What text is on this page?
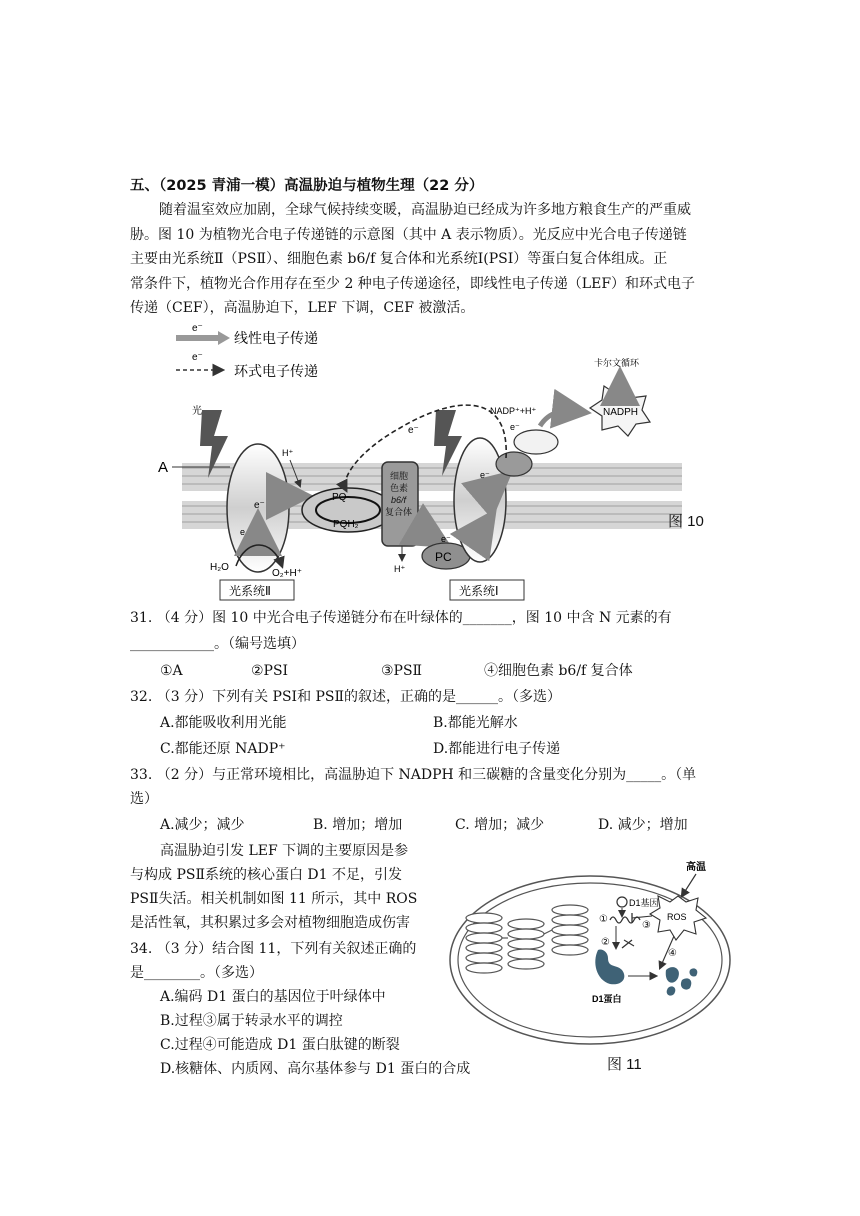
五、（2025 青浦一模）高温胁迫与植物生理（22 分）
随着温室效应加剧，全球气候持续变暖，高温胁迫已经成为许多地方粮食生产的严重威
胁。图 10 为植物光合电子传递链的示意图（其中 A 表示物质）。光反应中光合电子传递链
主要由光系统Ⅱ（PSⅡ）、细胞色素 b6/f 复合体和光系统Ⅰ(PSI）等蛋白复合体组成。正
常条件下，植物光合作用存在至少 2 种电子传递途径，即线性电子传递（LEF）和环式电子
传递（CEF），高温胁迫下，LEF 下调，CEF 被激活。
e⁻
线性电子传递
e⁻
环式电子传递
A
光
e⁻
e
H₂O
O₂+H⁺
H⁺
PQ
PQH₂
细胞
色素
b6/f
复合体
H⁺
PC
e⁻
e⁻
e⁻
NADP⁺+H⁺
e⁻
NADPH
卡尔文循环
e⁻
光系统Ⅱ	光系统Ⅰ
图 10
31. （4 分）图 10 中光合电子传递链分布在叶绿体的_______，图 10 中含 N 元素的有
____________。（编号选填）
①A	②PSⅠ	③PSⅡ	④细胞色素 b6/f 复合体
32. （3 分）下列有关 PSⅠ和 PSⅡ的叙述，正确的是______。（多选）
A.都能吸收利用光能	B.都能光解水
C.都能还原 NADP⁺	D.都能进行电子传递
33. （2 分）与正常环境相比，高温胁迫下 NADPH 和三碳糖的含量变化分别为_____。（单
选）
A.减少；减少	B. 增加；增加	C. 增加；减少	D. 减少；增加
高温胁迫引发 LEF 下调的主要原因是参
与构成 PSⅡ系统的核心蛋白 D1 不足，引发
PSⅡ失活。相关机制如图 11 所示，其中 ROS
是活性氧，其积累过多会对植物细胞造成伤害
34. （3 分）结合图 11，下列有关叙述正确的
是________。（多选）
A.编码 D1 蛋白的基因位于叶绿体中
B.过程③属于转录水平的调控
C.过程④可能造成 D1 蛋白肽键的断裂
D.核糖体、内质网、高尔基体参与 D1 蛋白的合成
D1基因
①
②
高温
ROS
③
④
D1蛋白
图 11
